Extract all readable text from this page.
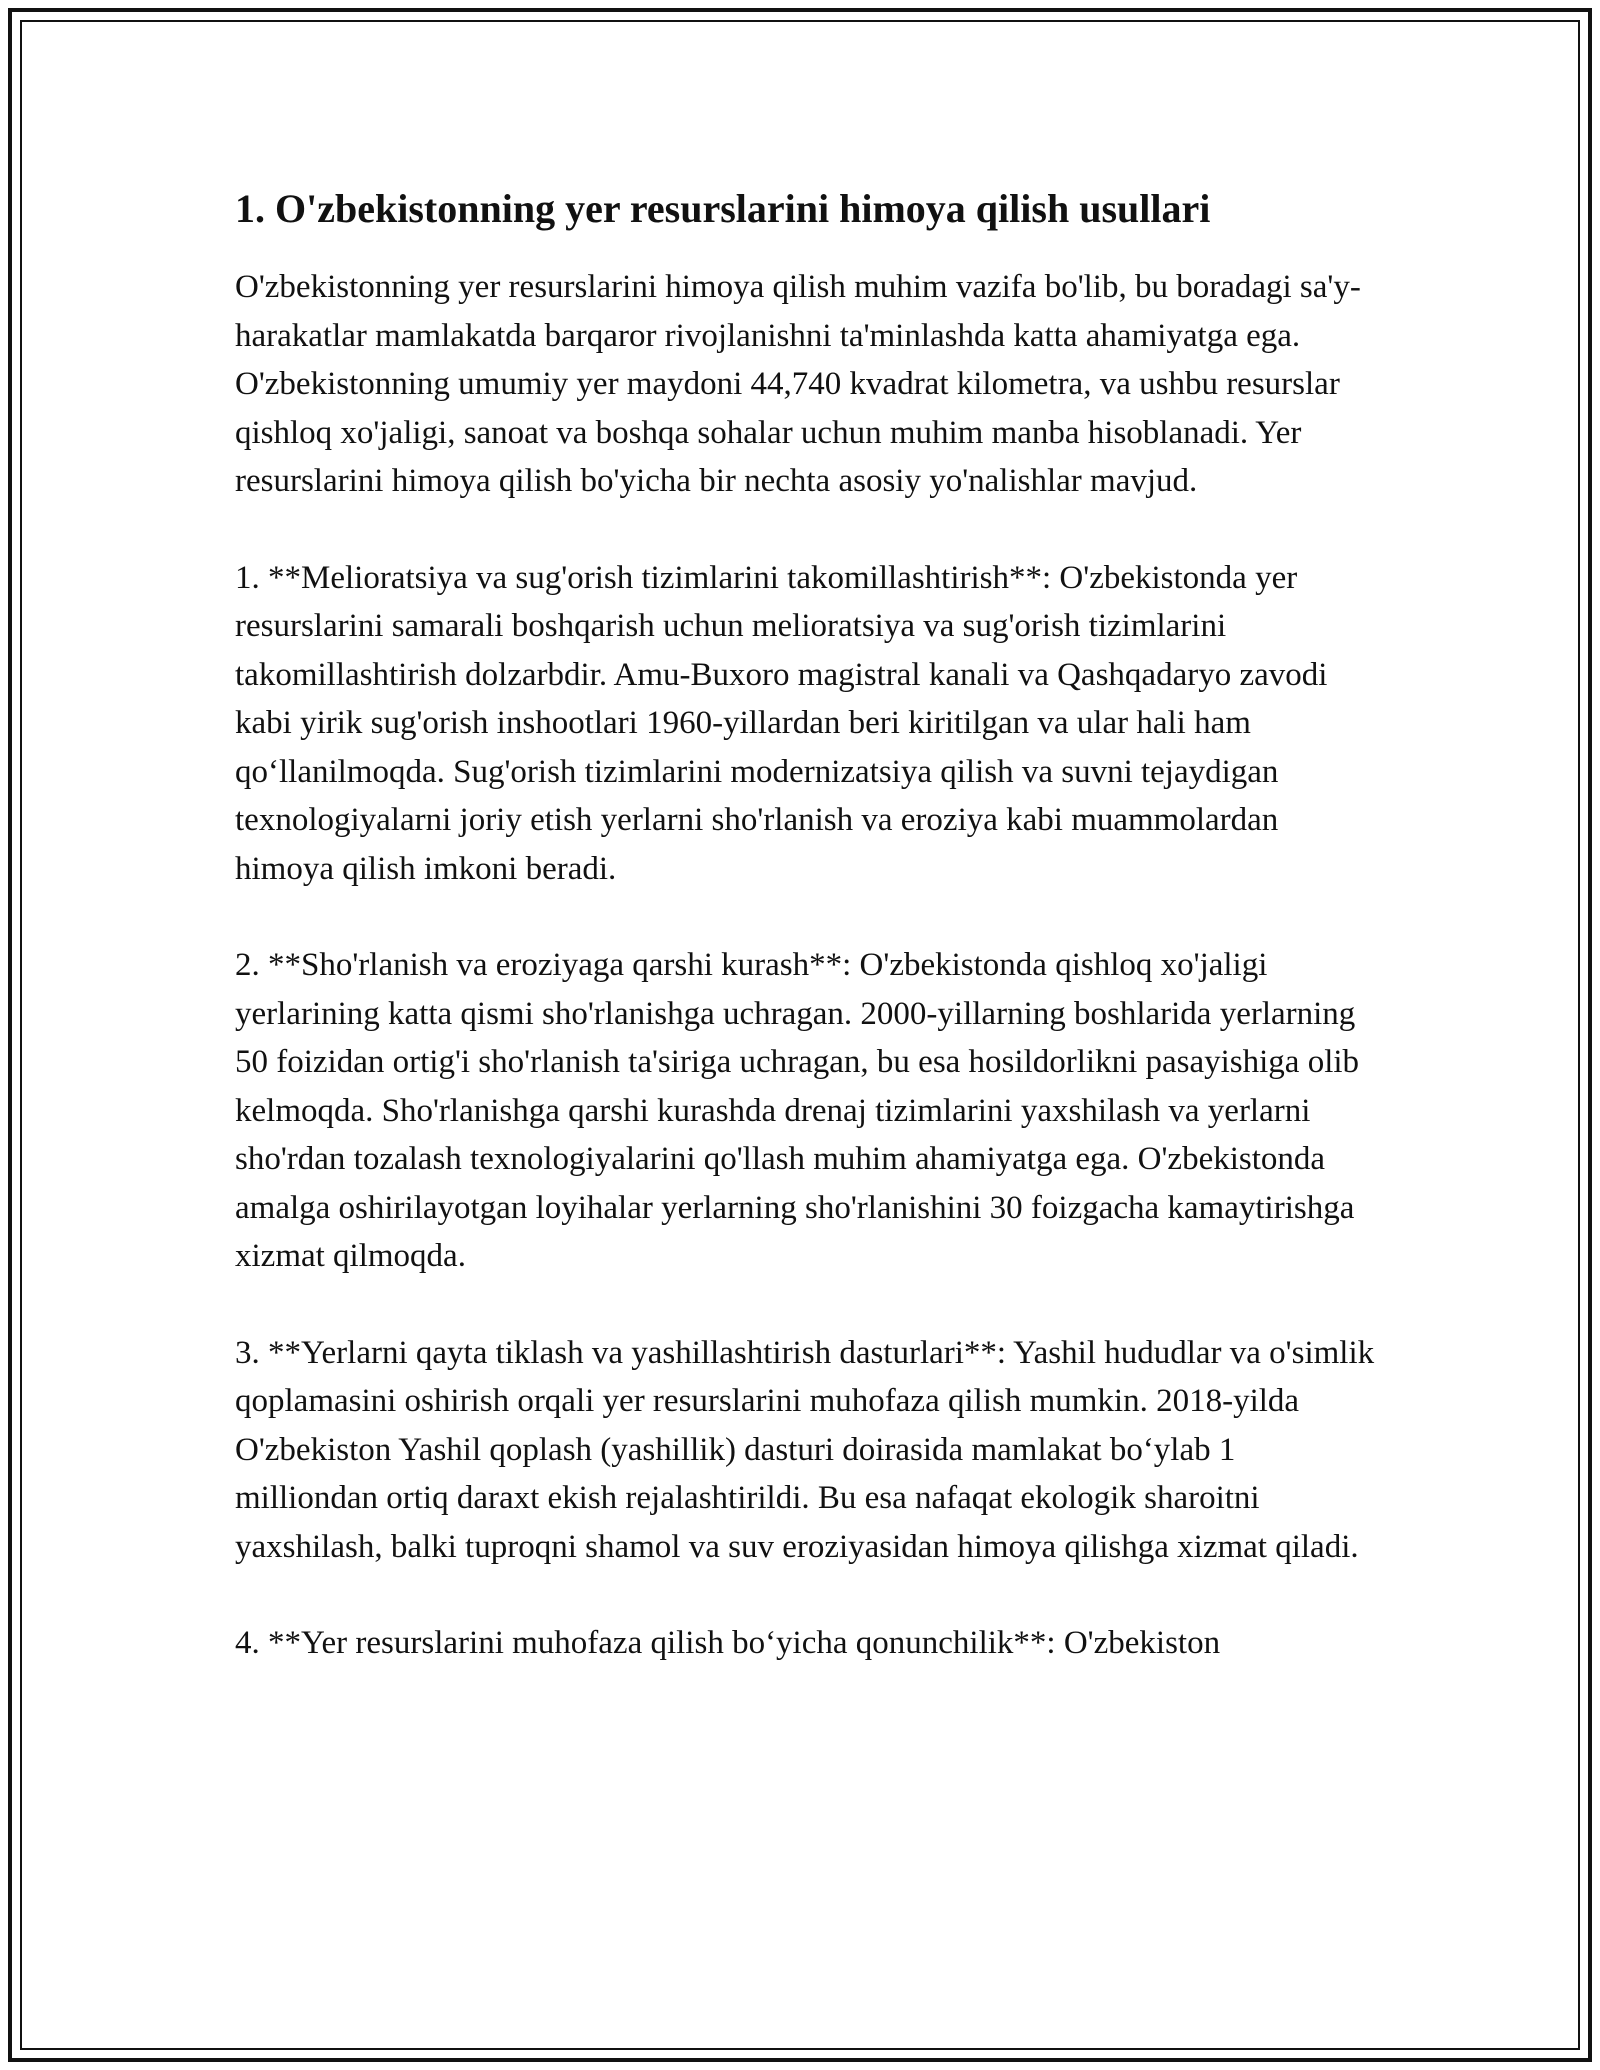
1. O'zbekistonning yer resurslarini himoya qilish usullari

O'zbekistonning yer resurslarini himoya qilish muhim vazifa bo'lib, bu boradagi sa'y-harakatlar mamlakatda barqaror rivojlanishni ta'minlashda katta ahamiyatga ega. O'zbekistonning umumiy yer maydoni 44,740 kvadrat kilometra, va ushbu resurslar qishloq xo'jaligi, sanoat va boshqa sohalar uchun muhim manba hisoblanadi. Yer resurslarini himoya qilish bo'yicha bir nechta asosiy yo'nalishlar mavjud.

1. **Melioratsiya va sug'orish tizimlarini takomillashtirish**: O'zbekistonda yer resurslarini samarali boshqarish uchun melioratsiya va sug'orish tizimlarini takomillashtirish dolzarbdir. Amu-Buxoro magistral kanali va Qashqadaryo zavodi kabi yirik sug'orish inshootlari 1960-yillardan beri kiritilgan va ular hali ham qo‘llanilmoqda. Sug'orish tizimlarini modernizatsiya qilish va suvni tejaydigan texnologiyalarni joriy etish yerlarni sho'rlanish va eroziya kabi muammolardan himoya qilish imkoni beradi.

2. **Sho'rlanish va eroziyaga qarshi kurash**: O'zbekistonda qishloq xo'jaligi yerlarining katta qismi sho'rlanishga uchragan. 2000-yillarning boshlarida yerlarning 50 foizidan ortig'i sho'rlanish ta'siriga uchragan, bu esa hosildorlikni pasayishiga olib kelmoqda. Sho'rlanishga qarshi kurashda drenaj tizimlarini yaxshilash va yerlarni sho'rdan tozalash texnologiyalarini qo'llash muhim ahamiyatga ega. O'zbekistonda amalga oshirilayotgan loyihalar yerlarning sho'rlanishini 30 foizgacha kamaytirishga xizmat qilmoqda.

3. **Yerlarni qayta tiklash va yashillashtirish dasturlari**: Yashil hududlar va o'simlik qoplamasini oshirish orqali yer resurslarini muhofaza qilish mumkin. 2018-yilda O'zbekiston Yashil qoplash (yashillik) dasturi doirasida mamlakat bo‘ylab 1 milliondan ortiq daraxt ekish rejalashtirildi. Bu esa nafaqat ekologik sharoitni yaxshilash, balki tuproqni shamol va suv eroziyasidan himoya qilishga xizmat qiladi.

4. **Yer resurslarini muhofaza qilish bo‘yicha qonunchilik**: O'zbekiston
